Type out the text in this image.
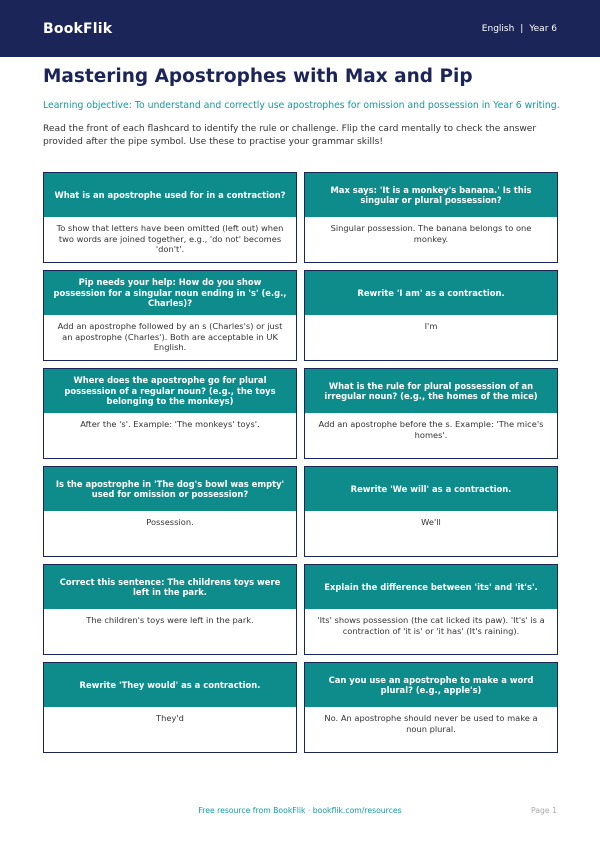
BookFlik	English | Year 6
Mastering Apostrophes with Max and Pip

Learning objective: To understand and correctly use apostrophes for omission and possession in Year 6 writing.

Read the front of each flashcard to identify the rule or challenge. Flip the card mentally to check the answer provided after the pipe symbol. Use these to practise your grammar skills!

What is an apostrophe used for in a contraction?
To show that letters have been omitted (left out) when two words are joined together, e.g., 'do not' becomes 'don't'.
Max says: 'It is a monkey's banana.' Is this singular or plural possession?
Singular possession. The banana belongs to one monkey.
Pip needs your help: How do you show possession for a singular noun ending in 's' (e.g., Charles)?
Add an apostrophe followed by an s (Charles's) or just an apostrophe (Charles'). Both are acceptable in UK English.
Rewrite 'I am' as a contraction.
I'm
Where does the apostrophe go for plural possession of a regular noun? (e.g., the toys belonging to the monkeys)
After the 's'. Example: 'The monkeys' toys'.
What is the rule for plural possession of an irregular noun? (e.g., the homes of the mice)
Add an apostrophe before the s. Example: 'The mice's homes'.
Is the apostrophe in 'The dog's bowl was empty' used for omission or possession?
Possession.
Rewrite 'We will' as a contraction.
We'll
Correct this sentence: The childrens toys were left in the park.
The children's toys were left in the park.
Explain the difference between 'its' and 'it's'.
'Its' shows possession (the cat licked its paw). 'It's' is a contraction of 'it is' or 'it has' (It's raining).
Rewrite 'They would' as a contraction.
They'd
Can you use an apostrophe to make a word plural? (e.g., apple's)
No. An apostrophe should never be used to make a noun plural.
Free resource from BookFlik · bookflik.com/resources	Page 1
